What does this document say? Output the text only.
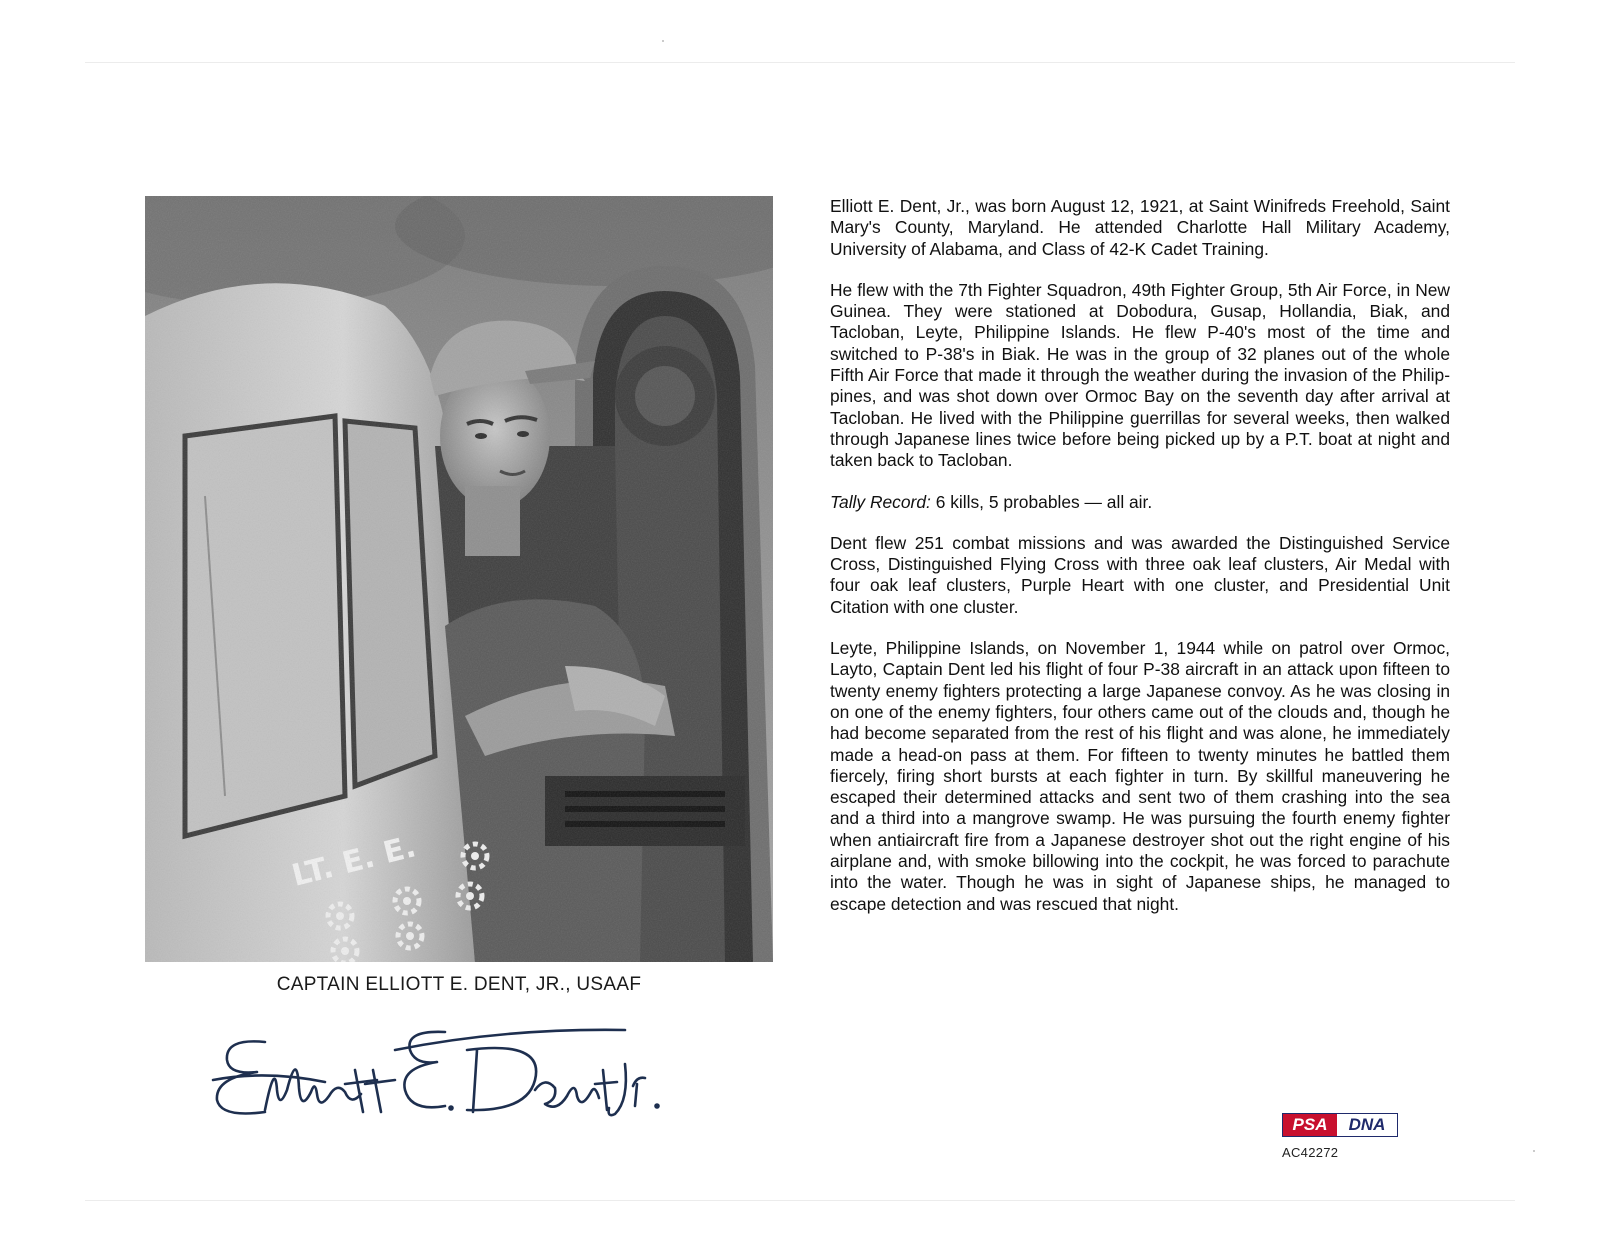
CAPTAIN ELLIOTT E. DENT, JR., USAAF

Elliott E. Dent, Jr., was born August 12, 1921, at Saint Winifreds Freehold, Saint Mary's County, Maryland. He attended Charlotte Hall Military Academy, University of Alabama, and Class of 42-K Cadet Training.

He flew with the 7th Fighter Squadron, 49th Fighter Group, 5th Air Force, in New Guinea. They were stationed at Dobodura, Gusap, Hollandia, Biak, and Tacloban, Leyte, Philippine Islands. He flew P-40's most of the time and switched to P-38's in Biak. He was in the group of 32 planes out of the whole Fifth Air Force that made it through the weather during the invasion of the Philippines, and was shot down over Ormoc Bay on the seventh day after arrival at Tacloban. He lived with the Philippine guerrillas for several weeks, then walked through Japanese lines twice before being picked up by a P.T. boat at night and taken back to Tacloban.

Tally Record: 6 kills, 5 probables — all air.

Dent flew 251 combat missions and was awarded the Distinguished Service Cross, Distinguished Flying Cross with three oak leaf clusters, Air Medal with four oak leaf clusters, Purple Heart with one cluster, and Presidential Unit Citation with one cluster.

Leyte, Philippine Islands, on November 1, 1944 while on patrol over Ormoc, Layto, Captain Dent led his flight of four P-38 aircraft in an attack upon fifteen to twenty enemy fighters protecting a large Japanese convoy. As he was closing in on one of the enemy fighters, four others came out of the clouds and, though he had become separated from the rest of his flight and was alone, he immediately made a head-on pass at them. For fifteen to twenty minutes he battled them fiercely, firing short bursts at each fighter in turn. By skillful maneuvering he escaped their determined attacks and sent two of them crashing into the sea and a third into a mangrove swamp. He was pursuing the fourth enemy fighter when antiaircraft fire from a Japanese destroyer shot out the right engine of his airplane and, with smoke billowing into the cockpit, he was forced to parachute into the water. Though he was in sight of Japanese ships, he managed to escape detection and was rescued that night.

PSA	DNA
AC42272
